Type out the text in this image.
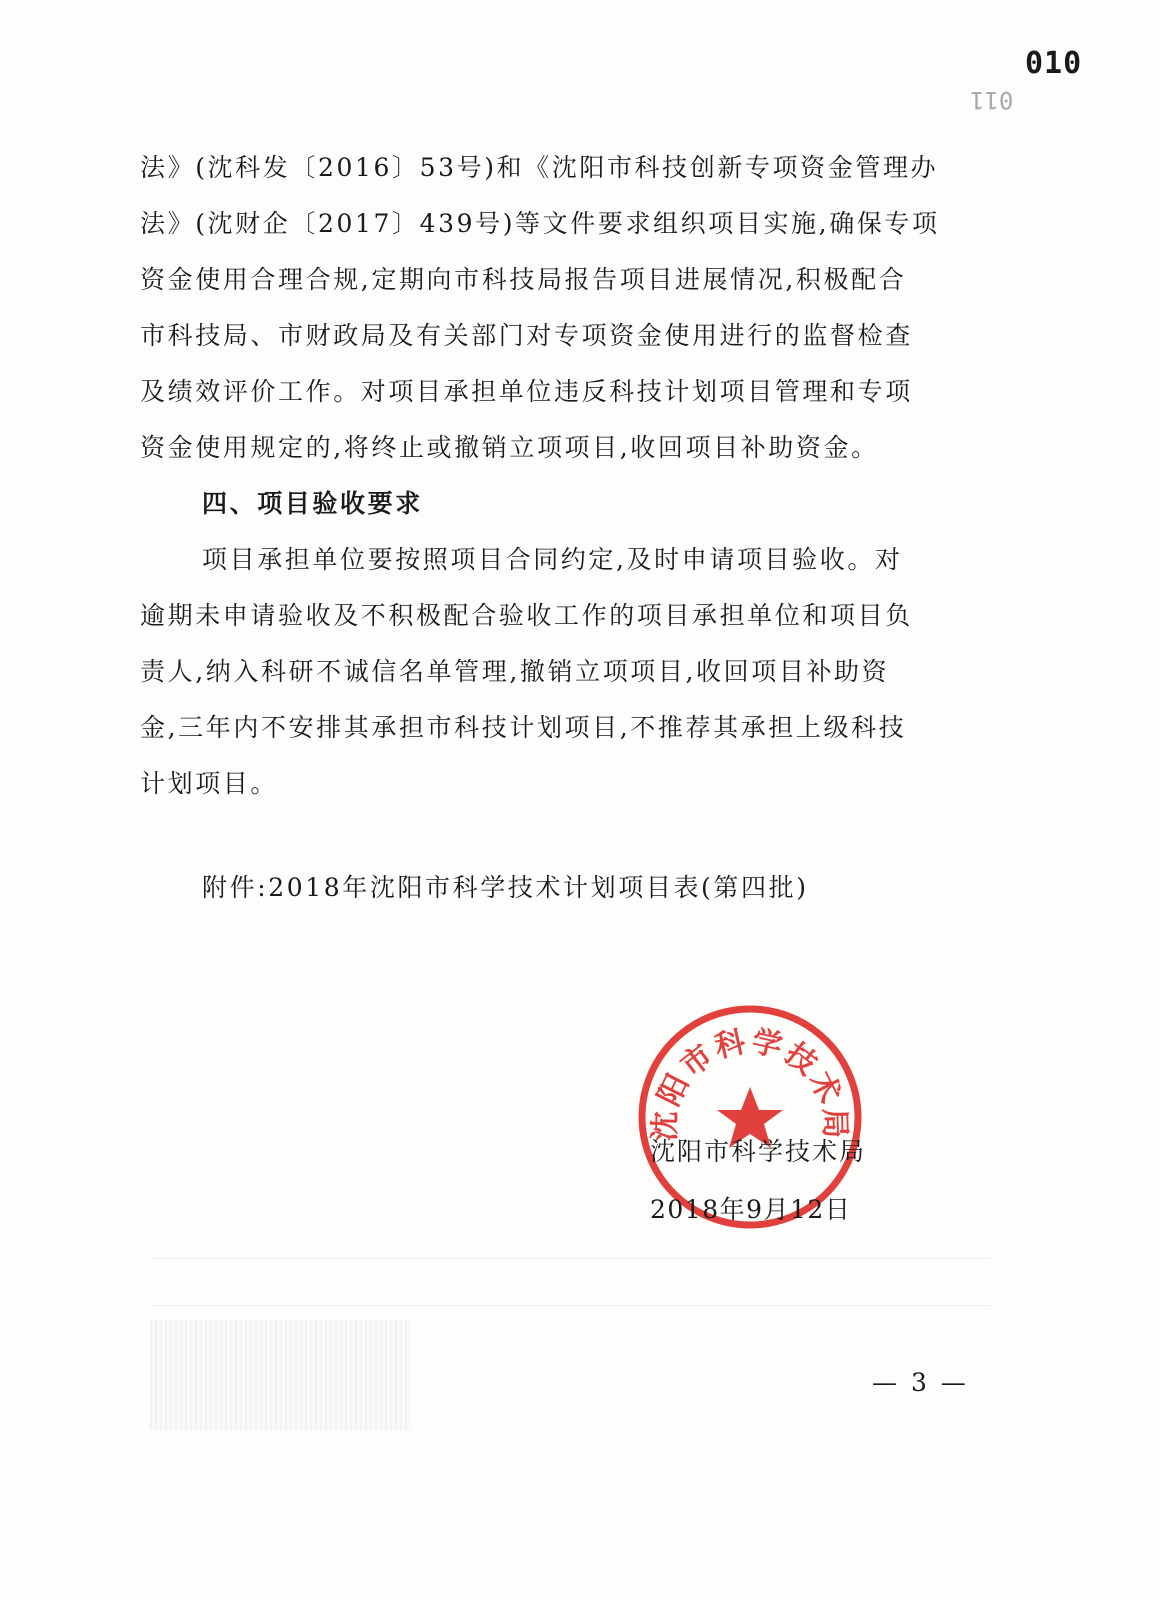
010
011
法》(沈科发〔2016〕53号)和《沈阳市科技创新专项资金管理办
法》(沈财企〔2017〕439号)等文件要求组织项目实施,确保专项
资金使用合理合规,定期向市科技局报告项目进展情况,积极配合
市科技局、市财政局及有关部门对专项资金使用进行的监督检查
及绩效评价工作。对项目承担单位违反科技计划项目管理和专项
资金使用规定的,将终止或撤销立项项目,收回项目补助资金。
四、项目验收要求
项目承担单位要按照项目合同约定,及时申请项目验收。对
逾期未申请验收及不积极配合验收工作的项目承担单位和项目负
责人,纳入科研不诚信名单管理,撤销立项项目,收回项目补助资
金,三年内不安排其承担市科技计划项目,不推荐其承担上级科技
计划项目。
附件:2018年沈阳市科学技术计划项目表(第四批)
沈阳市科学技术局
沈阳市科学技术局
2018年9月12日
— 3 —
